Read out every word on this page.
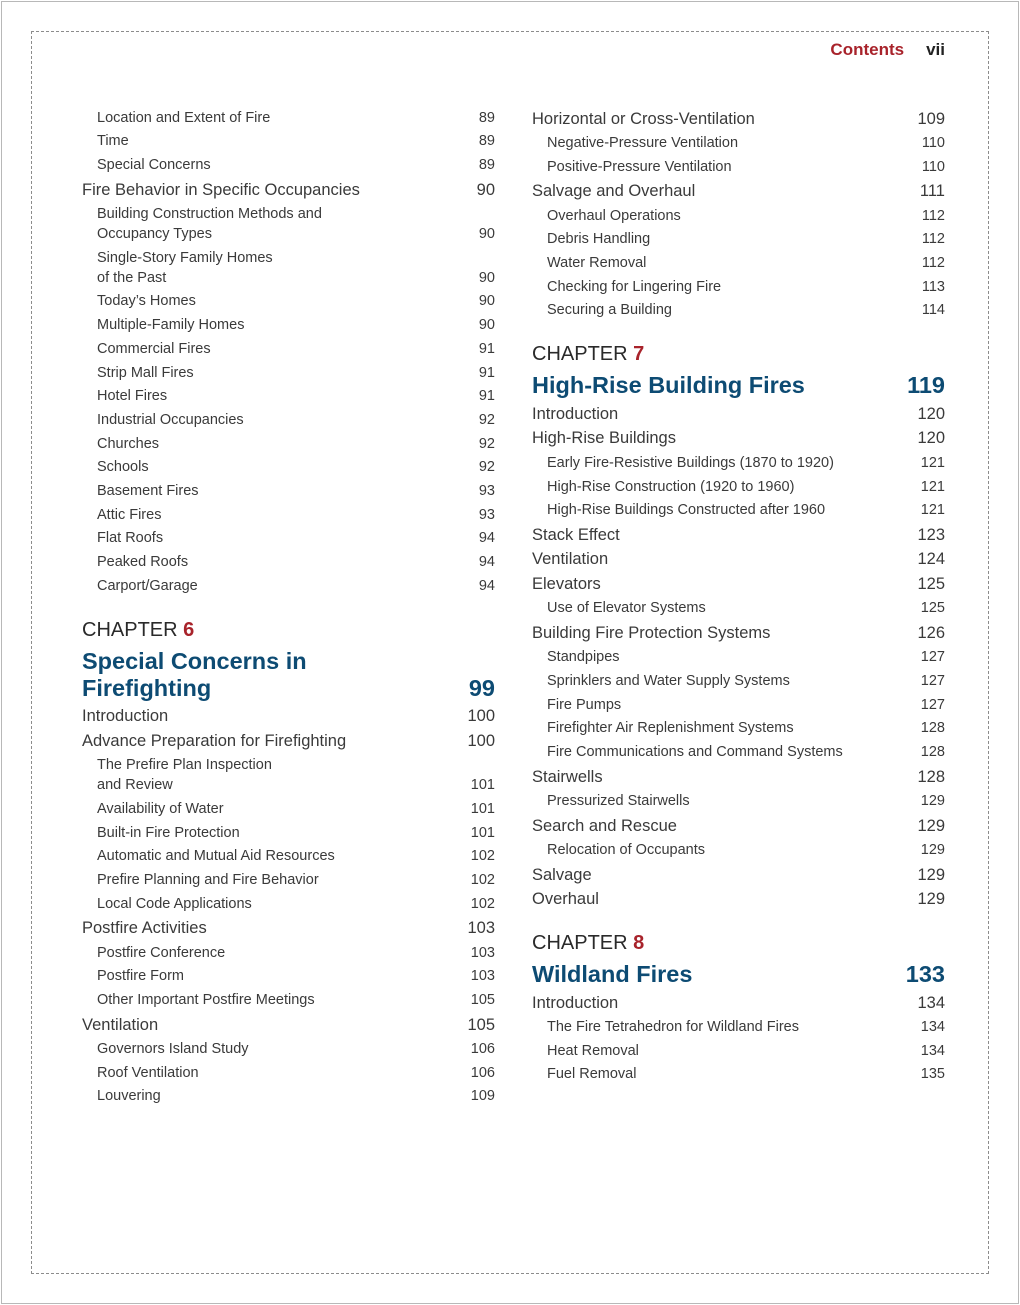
Contents vii
Location and Extent of Fire	89
Time	89
Special Concerns	89
Fire Behavior in Specific Occupancies	90
Building Construction Methods and
Occupancy Types	90
Single-Story Family Homes
of the Past	90
Today’s Homes	90
Multiple-Family Homes	90
Commercial Fires	91
Strip Mall Fires	91
Hotel Fires	91
Industrial Occupancies	92
Churches	92
Schools	92
Basement Fires	93
Attic Fires	93
Flat Roofs	94
Peaked Roofs	94
Carport/Garage	94
CHAPTER 6
Special Concerns in
Firefighting	99
Introduction	100
Advance Preparation for Firefighting	100
The Prefire Plan Inspection
and Review	101
Availability of Water	101
Built-in Fire Protection	101
Automatic and Mutual Aid Resources	102
Prefire Planning and Fire Behavior	102
Local Code Applications	102
Postfire Activities	103
Postfire Conference	103
Postfire Form	103
Other Important Postfire Meetings	105
Ventilation	105
Governors Island Study	106
Roof Ventilation	106
Louvering	109
Horizontal or Cross-Ventilation	109
Negative-Pressure Ventilation	110
Positive-Pressure Ventilation	110
Salvage and Overhaul	111
Overhaul Operations	112
Debris Handling	112
Water Removal	112
Checking for Lingering Fire	113
Securing a Building	114
CHAPTER 7
High-Rise Building Fires	119
Introduction	120
High-Rise Buildings	120
Early Fire-Resistive Buildings (1870 to 1920)	121
High-Rise Construction (1920 to 1960)	121
High-Rise Buildings Constructed after 1960	121
Stack Effect	123
Ventilation	124
Elevators	125
Use of Elevator Systems	125
Building Fire Protection Systems	126
Standpipes	127
Sprinklers and Water Supply Systems	127
Fire Pumps	127
Firefighter Air Replenishment Systems	128
Fire Communications and Command Systems	128
Stairwells	128
Pressurized Stairwells	129
Search and Rescue	129
Relocation of Occupants	129
Salvage	129
Overhaul	129
CHAPTER 8
Wildland Fires	133
Introduction	134
The Fire Tetrahedron for Wildland Fires	134
Heat Removal	134
Fuel Removal	135
